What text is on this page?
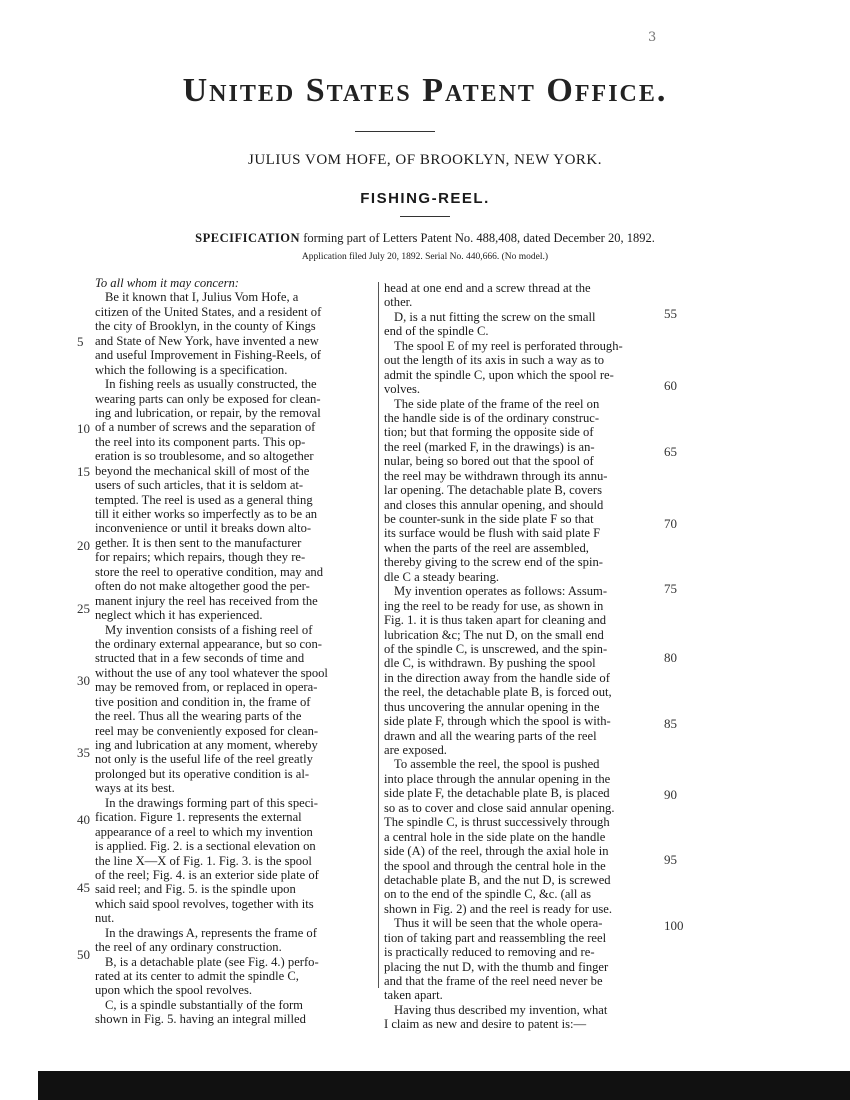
3
United States Patent Office.
JULIUS VOM HOFE, OF BROOKLYN, NEW YORK.
FISHING-REEL.
SPECIFICATION forming part of Letters Patent No. 488,408, dated December 20, 1892.
Application filed July 20, 1892. Serial No. 440,666. (No model.)
To all whom it may concern:
Be it known that I, Julius Vom Hofe, a
citizen of the United States, and a resident of
the city of Brooklyn, in the county of Kings
and State of New York, have invented a new
and useful Improvement in Fishing-Reels, of
which the following is a specification.
In fishing reels as usually constructed, the
wearing parts can only be exposed for clean-
ing and lubrication, or repair, by the removal
of a number of screws and the separation of
the reel into its component parts. This op-
eration is so troublesome, and so altogether
beyond the mechanical skill of most of the
users of such articles, that it is seldom at-
tempted. The reel is used as a general thing
till it either works so imperfectly as to be an
inconvenience or until it breaks down alto-
gether. It is then sent to the manufacturer
for repairs; which repairs, though they re-
store the reel to operative condition, may and
often do not make altogether good the per-
manent injury the reel has received from the
neglect which it has experienced.
My invention consists of a fishing reel of
the ordinary external appearance, but so con-
structed that in a few seconds of time and
without the use of any tool whatever the spool
may be removed from, or replaced in opera-
tive position and condition in, the frame of
the reel. Thus all the wearing parts of the
reel may be conveniently exposed for clean-
ing and lubrication at any moment, whereby
not only is the useful life of the reel greatly
prolonged but its operative condition is al-
ways at its best.
In the drawings forming part of this speci-
fication. Figure 1. represents the external
appearance of a reel to which my invention
is applied. Fig. 2. is a sectional elevation on
the line X—X of Fig. 1. Fig. 3. is the spool
of the reel; Fig. 4. is an exterior side plate of
said reel; and Fig. 5. is the spindle upon
which said spool revolves, together with its
nut.
In the drawings A, represents the frame of
the reel of any ordinary construction.
B, is a detachable plate (see Fig. 4.) perfo-
rated at its center to admit the spindle C,
upon which the spool revolves.
C, is a spindle substantially of the form
shown in Fig. 5. having an integral milled
head at one end and a screw thread at the
other.
D, is a nut fitting the screw on the small
end of the spindle C.
The spool E of my reel is perforated through-
out the length of its axis in such a way as to
admit the spindle C, upon which the spool re-
volves.
The side plate of the frame of the reel on
the handle side is of the ordinary construc-
tion; but that forming the opposite side of
the reel (marked F, in the drawings) is an-
nular, being so bored out that the spool of
the reel may be withdrawn through its annu-
lar opening. The detachable plate B, covers
and closes this annular opening, and should
be counter-sunk in the side plate F so that
its surface would be flush with said plate F
when the parts of the reel are assembled,
thereby giving to the screw end of the spin-
dle C a steady bearing.
My invention operates as follows: Assum-
ing the reel to be ready for use, as shown in
Fig. 1. it is thus taken apart for cleaning and
lubrication &c; The nut D, on the small end
of the spindle C, is unscrewed, and the spin-
dle C, is withdrawn. By pushing the spool
in the direction away from the handle side of
the reel, the detachable plate B, is forced out,
thus uncovering the annular opening in the
side plate F, through which the spool is with-
drawn and all the wearing parts of the reel
are exposed.
To assemble the reel, the spool is pushed
into place through the annular opening in the
side plate F, the detachable plate B, is placed
so as to cover and close said annular opening.
The spindle C, is thrust successively through
a central hole in the side plate on the handle
side (A) of the reel, through the axial hole in
the spool and through the central hole in the
detachable plate B, and the nut D, is screwed
on to the end of the spindle C, &c. (all as
shown in Fig. 2) and the reel is ready for use.
Thus it will be seen that the whole opera-
tion of taking part and reassembling the reel
is practically reduced to removing and re-
placing the nut D, with the thumb and finger
and that the frame of the reel need never be
taken apart.
Having thus described my invention, what
I claim as new and desire to patent is:—
5
10
15
20
25
30
35
40
45
50
55
60
65
70
75
80
85
90
95
100
